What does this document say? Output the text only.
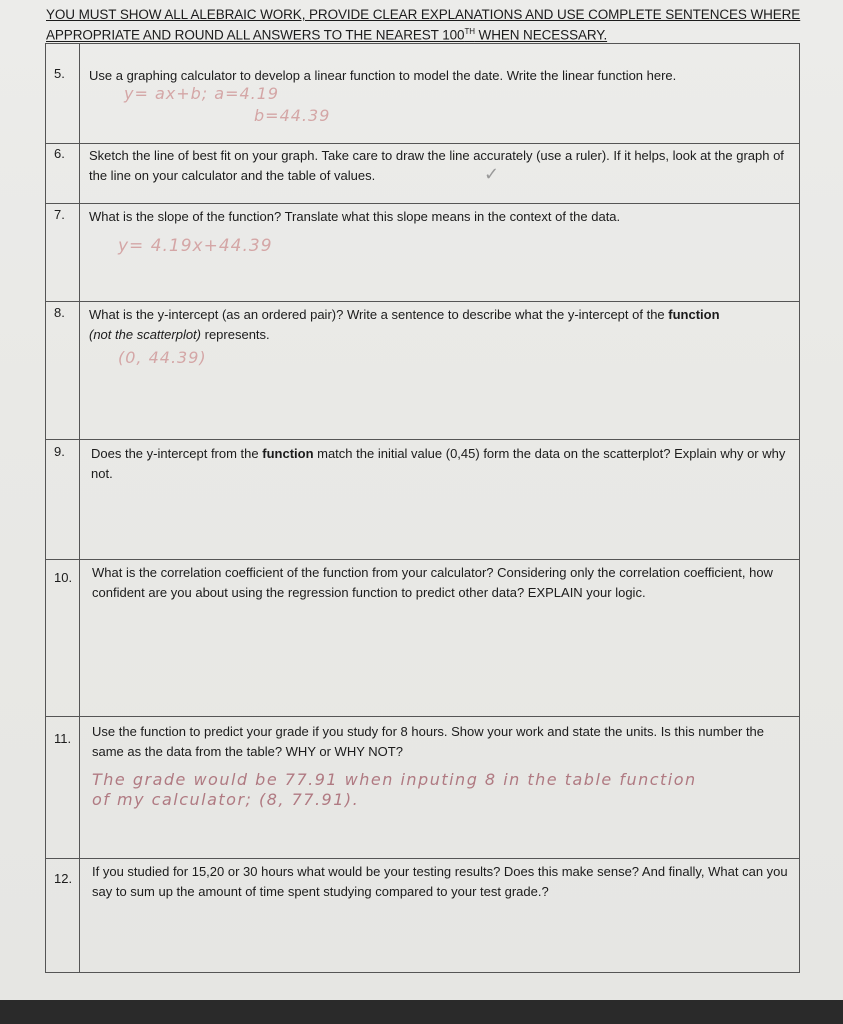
YOU MUST SHOW ALL ALEBRAIC WORK, PROVIDE CLEAR EXPLANATIONS AND USE COMPLETE SENTENCES WHERE
APPROPRIATE AND ROUND ALL ANSWERS TO THE NEAREST 100TH WHEN NECESSARY.
5. Use a graphing calculator to develop a linear function to model the date. Write the linear function here.
y= ax+b; a=4.19
b=44.39
6. Sketch the line of best fit on your graph. Take care to draw the line accurately (use a ruler). If it helps, look at the graph of the line on your calculator and the table of values.	✓
7. What is the slope of the function? Translate what this slope means in the context of the data.
y= 4.19x+44.39
8. What is the y-intercept (as an ordered pair)? Write a sentence to describe what the y-intercept of the function
(not the scatterplot) represents.
(0, 44.39)
9. Does the y-intercept from the function match the initial value (0,45) form the data on the scatterplot? Explain why or why not.
10. What is the correlation coefficient of the function from your calculator? Considering only the correlation coefficient, how confident are you about using the regression function to predict other data? EXPLAIN your logic.
11. Use the function to predict your grade if you study for 8 hours. Show your work and state the units. Is this number the same as the data from the table? WHY or WHY NOT?
The grade would be 77.91 when inputing 8 in the table function
of my calculator; (8, 77.91).
12. If you studied for 15,20 or 30 hours what would be your testing results? Does this make sense? And finally, What can you say to sum up the amount of time spent studying compared to your test grade.?
